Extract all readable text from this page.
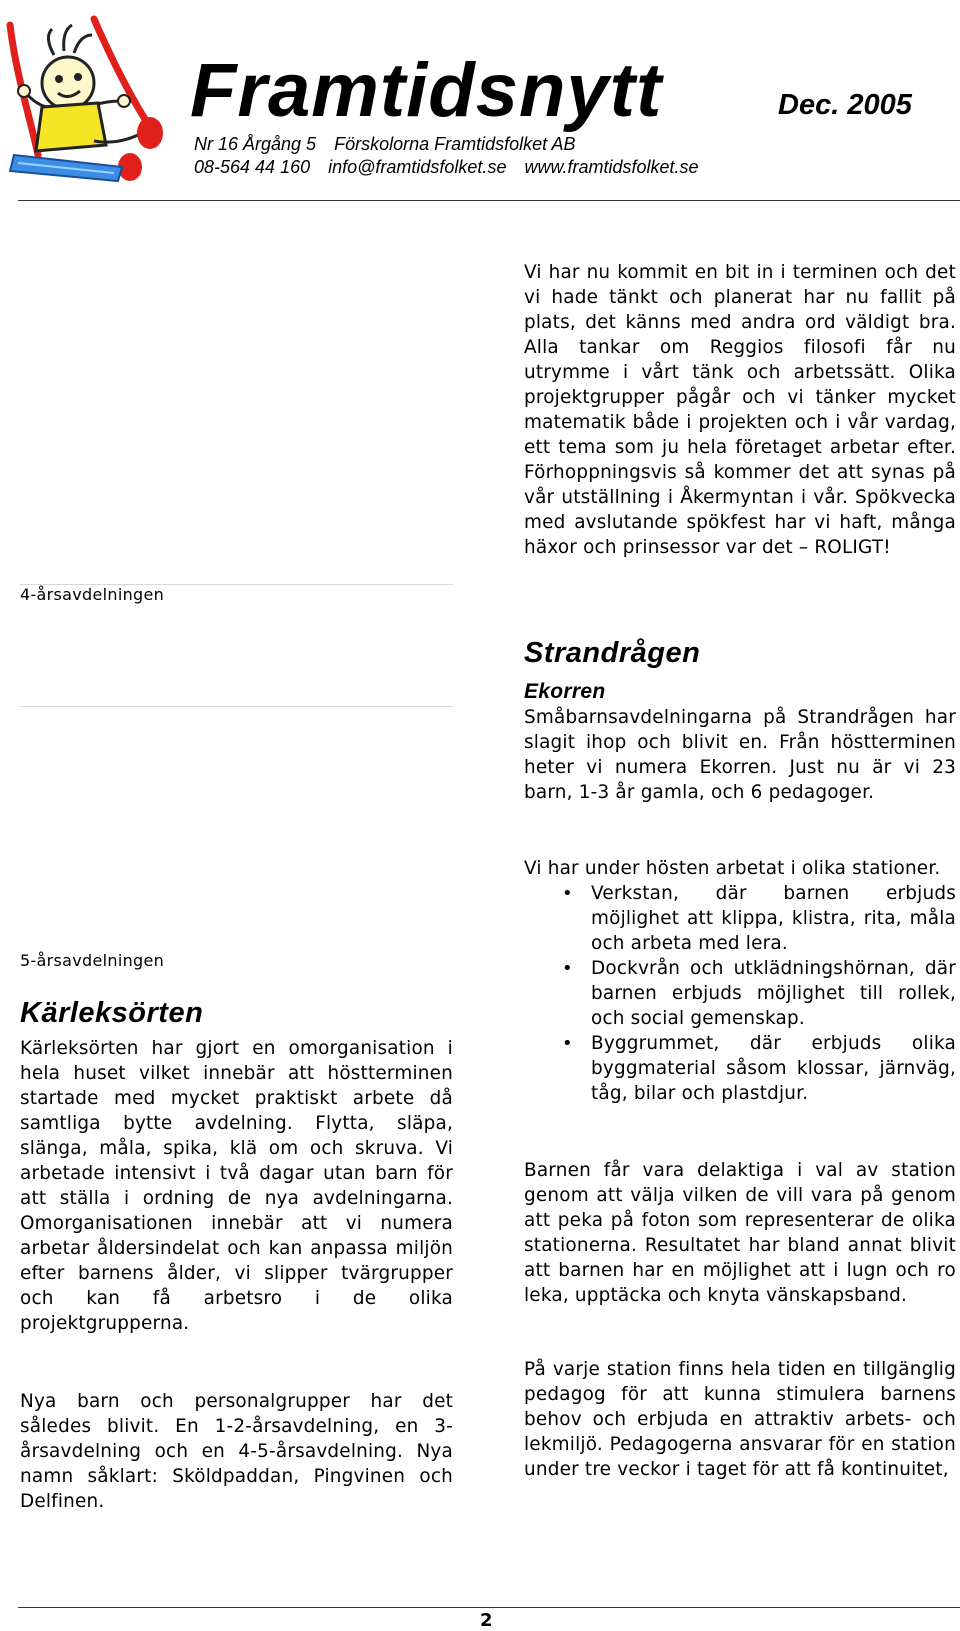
Framtidsnytt	Dec. 2005
Nr 16 Årgång 5 Förskolorna Framtidsfolket AB
08-564 44 160 info@framtidsfolket.se www.framtidsfolket.se
4-årsavdelningen
5-årsavdelningen
Kärleksörten
Kärleksörten har gjort en omorganisation i hela huset vilket innebär att höstterminen startade med mycket praktiskt arbete då samtliga bytte avdelning. Flytta, släpa, slänga, måla, spika, klä om och skruva. Vi arbetade intensivt i två dagar utan barn för att ställa i ordning de nya avdelningarna. Omorganisationen innebär att vi numera arbetar åldersindelat och kan anpassa miljön efter barnens ålder, vi slipper tvärgrupper och kan få arbetsro i de olika projektgrupperna.
Nya barn och personalgrupper har det således blivit. En 1-2-årsavdelning, en 3-årsavdelning och en 4-5-årsavdelning. Nya namn såklart: Sköldpaddan, Pingvinen och Delfinen.
Vi har nu kommit en bit in i terminen och det vi hade tänkt och planerat har nu fallit på plats, det känns med andra ord väldigt bra. Alla tankar om Reggios filosofi får nu utrymme i vårt tänk och arbetssätt. Olika projektgrupper pågår och vi tänker mycket matematik både i projekten och i vår vardag, ett tema som ju hela företaget arbetar efter. Förhoppningsvis så kommer det att synas på vår utställning i Åkermyntan i vår. Spökvecka med avslutande spökfest har vi haft, många häxor och prinsessor var det – ROLIGT!
Strandrågen
Ekorren
Småbarnsavdelningarna på Strandrågen har slagit ihop och blivit en. Från höstterminen heter vi numera Ekorren. Just nu är vi 23 barn, 1-3 år gamla, och 6 pedagoger.

Vi har under hösten arbetat i olika stationer.

• Verkstan, där barnen erbjuds möjlighet att klippa, klistra, rita, måla och arbeta med lera.
• Dockvrån och utklädningshörnan, där barnen erbjuds möjlighet till rollek, och social gemenskap.
• Byggrummet, där erbjuds olika byggmaterial såsom klossar, järnväg, tåg, bilar och plastdjur.
Barnen får vara delaktiga i val av station genom att välja vilken de vill vara på genom att peka på foton som representerar de olika stationerna. Resultatet har bland annat blivit att barnen har en möjlighet att i lugn och ro leka, upptäcka och knyta vänskapsband.
På varje station finns hela tiden en tillgänglig pedagog för att kunna stimulera barnens behov och erbjuda en attraktiv arbets- och lekmiljö. Pedagogerna ansvarar för en station under tre veckor i taget för att få kontinuitet,
2
